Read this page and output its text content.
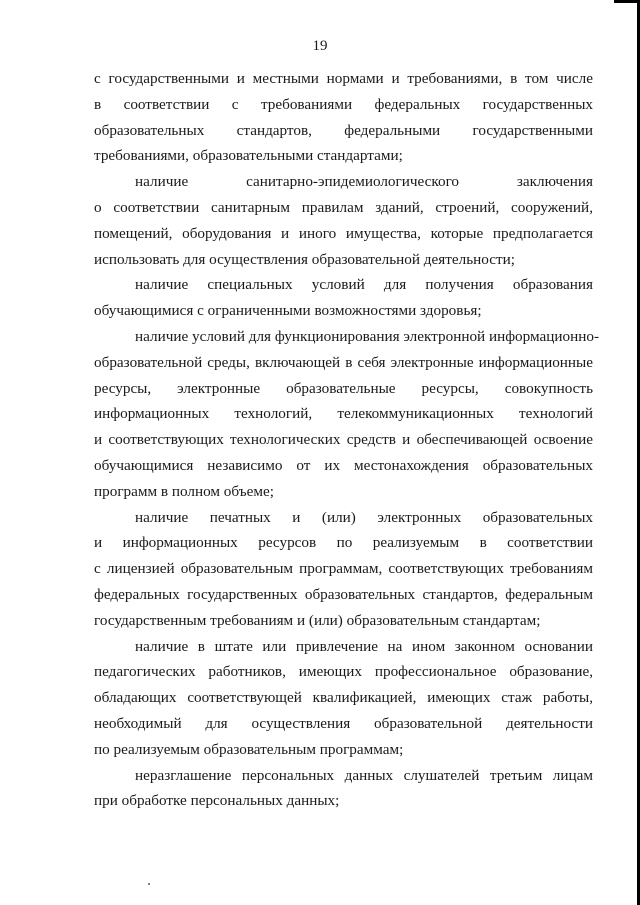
19
с государственными и местными нормами и требованиями, в том числе
в соответствии с требованиями федеральных государственных
образовательных стандартов, федеральными государственными
требованиями, образовательными стандартами;
наличие санитарно-эпидемиологического заключения
о соответствии санитарным правилам зданий, строений, сооружений,
помещений, оборудования и иного имущества, которые предполагается
использовать для осуществления образовательной деятельности;
наличие специальных условий для получения образования
обучающимися с ограниченными возможностями здоровья;
наличие условий для функционирования электронной информационно-
образовательной среды, включающей в себя электронные информационные
ресурсы, электронные образовательные ресурсы, совокупность
информационных технологий, телекоммуникационных технологий
и соответствующих технологических средств и обеспечивающей освоение
обучающимися независимо от их местонахождения образовательных
программ в полном объеме;
наличие печатных и (или) электронных образовательных
и информационных ресурсов по реализуемым в соответствии
с лицензией образовательным программам, соответствующих требованиям
федеральных государственных образовательных стандартов, федеральным
государственным требованиям и (или) образовательным стандартам;
наличие в штате или привлечение на ином законном основании
педагогических работников, имеющих профессиональное образование,
обладающих соответствующей квалификацией, имеющих стаж работы,
необходимый для осуществления образовательной деятельности
по реализуемым образовательным программам;
неразглашение персональных данных слушателей третьим лицам
при обработке персональных данных;
